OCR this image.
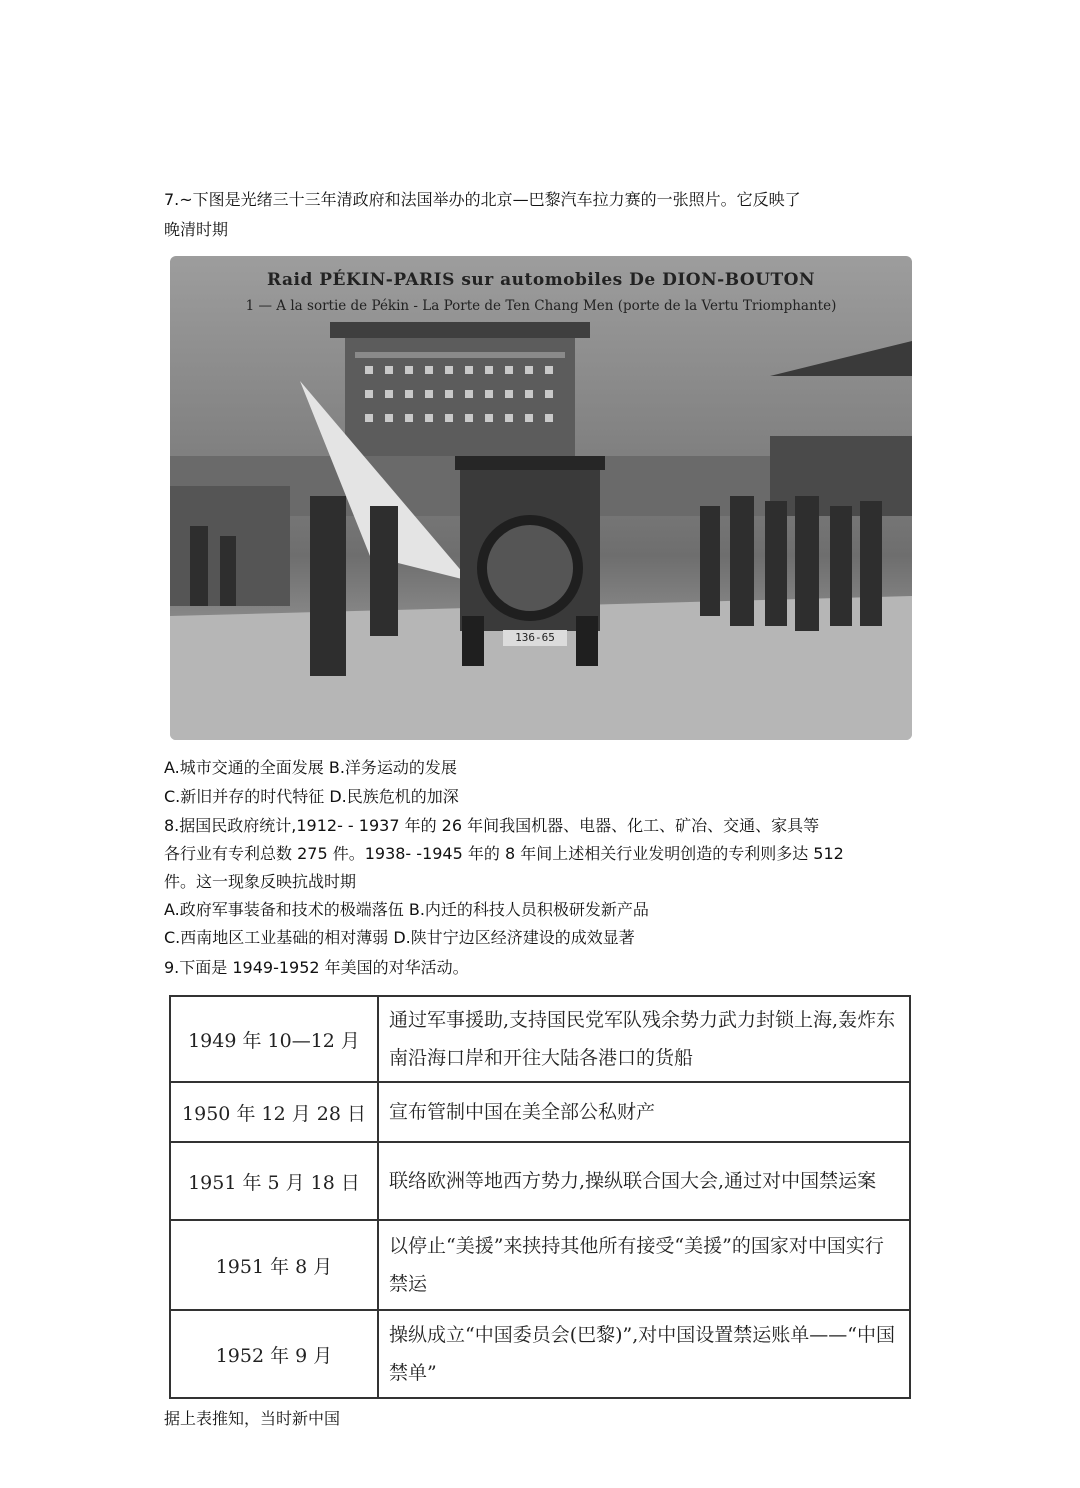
7.~下图是光绪三十三年清政府和法国举办的北京—巴黎汽车拉力赛的一张照片。它反映了
晚清时期
Raid PÉKIN-PARIS sur automobiles De DION-BOUTON
1 — A la sortie de Pékin - La Porte de Ten Chang Men (porte de la Vertu Triomphante)
136-65
A.城市交通的全面发展 B.洋务运动的发展
C.新旧并存的时代特征 D.民族危机的加深
8.据国民政府统计,1912- - 1937 年的 26 年间我国机器、电器、化工、矿冶、交通、家具等
各行业有专利总数 275 件。1938- -1945 年的 8 年间上述相关行业发明创造的专利则多达 512
件。这一现象反映抗战时期
A.政府军事装备和技术的极端落伍 B.内迁的科技人员积极研发新产品
C.西南地区工业基础的相对薄弱 D.陕甘宁边区经济建设的成效显著
9.下面是 1949-1952 年美国的对华活动。
1949 年 10—12 月	通过军事援助,支持国民党军队残余势力武力封锁上海,轰炸东南沿海口岸和开往大陆各港口的货船
1950 年 12 月 28 日	宣布管制中国在美全部公私财产
1951 年 5 月 18 日	联络欧洲等地西方势力,操纵联合国大会,通过对中国禁运案
1951 年 8 月	以停止“美援”来挟持其他所有接受“美援”的国家对中国实行禁运
1952 年 9 月	操纵成立“中国委员会(巴黎)”,对中国设置禁运账单——“中国禁单”
据上表推知，当时新中国
